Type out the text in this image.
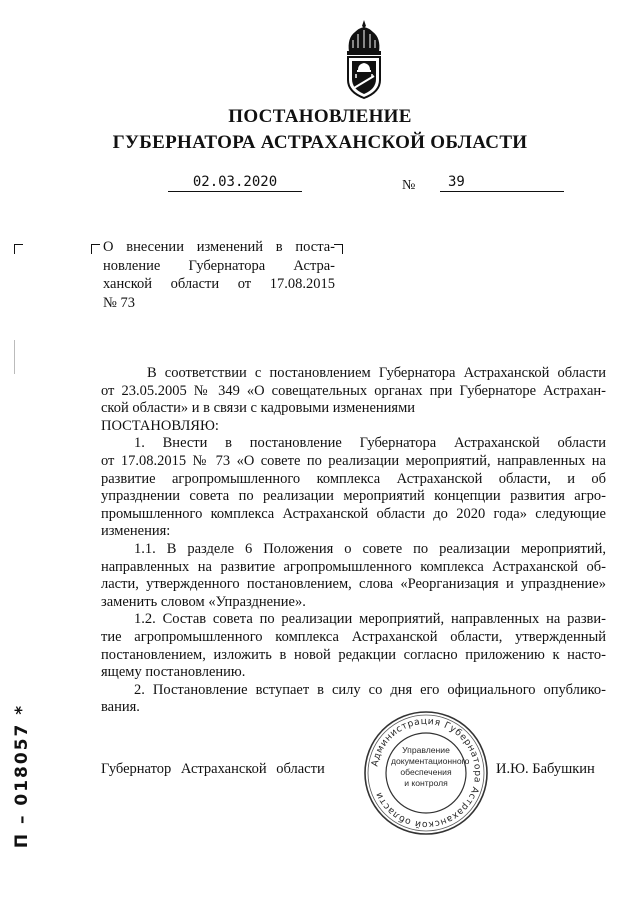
ПОСТАНОВЛЕНИЕ
ГУБЕРНАТОРА АСТРАХАНСКОЙ ОБЛАСТИ
02.03.2020	№	39
О внесении изменений в поста-
новление Губернатора Астра-
ханской области от 17.08.2015
№ 73
В соответствии с постановлением Губернатора Астраханской области
от 23.05.2005 № 349 «О совещательных органах при Губернаторе Астрахан-
ской области» и в связи с кадровыми изменениями
ПОСТАНОВЛЯЮ:
1. Внести в постановление Губернатора Астраханской области
от 17.08.2015 № 73 «О совете по реализации мероприятий, направленных на
развитие агропромышленного комплекса Астраханской области, и об
упразднении совета по реализации мероприятий концепции развития агро-
промышленного комплекса Астраханской области до 2020 года» следующие
изменения:
1.1. В разделе 6 Положения о совете по реализации мероприятий,
направленных на развитие агропромышленного комплекса Астраханской об-
ласти, утвержденного постановлением, слова «Реорганизация и упразднение»
заменить словом «Упразднение».
1.2. Состав совета по реализации мероприятий, направленных на разви-
тие агропромышленного комплекса Астраханской области, утвержденный
постановлением, изложить в новой редакции согласно приложению к насто-
ящему постановлению.
2. Постановление вступает в силу со дня его официального опублико-
вания.
Администрация Губернатора Астраханской области
Управление
документационного
обеспечения
и контроля
Губернатор Астраханской области	И.Ю. Бабушкин
П – 018057 *
